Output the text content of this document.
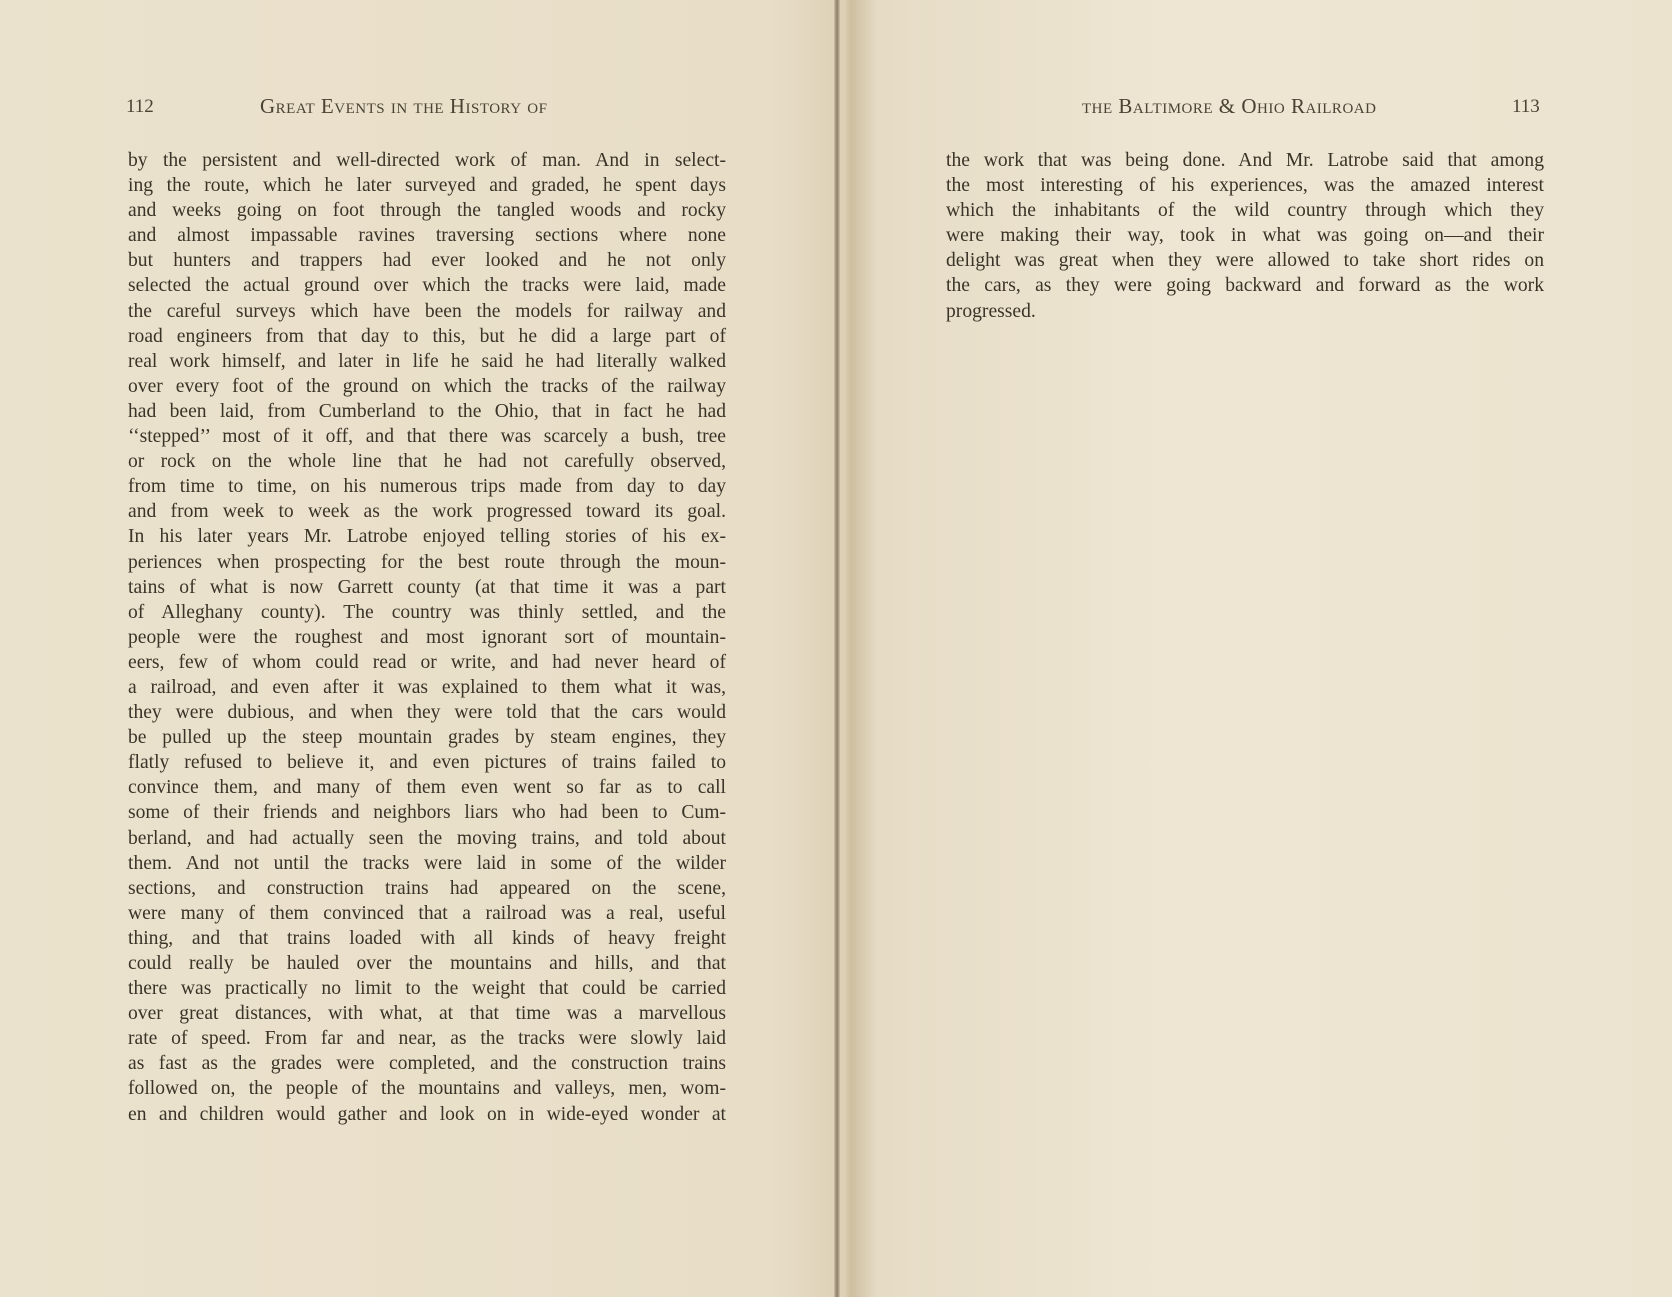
112	Great Events in the History of
by the persistent and well-directed work of man. And in select-
ing the route, which he later surveyed and graded, he spent days
and weeks going on foot through the tangled woods and rocky
and almost impassable ravines traversing sections where none
but hunters and trappers had ever looked and he not only
selected the actual ground over which the tracks were laid, made
the careful surveys which have been the models for railway and
road engineers from that day to this, but he did a large part of
real work himself, and later in life he said he had literally walked
over every foot of the ground on which the tracks of the railway
had been laid, from Cumberland to the Ohio, that in fact he had
‘‘stepped’’ most of it off, and that there was scarcely a bush, tree
or rock on the whole line that he had not carefully observed,
from time to time, on his numerous trips made from day to day
and from week to week as the work progressed toward its goal.
In his later years Mr. Latrobe enjoyed telling stories of his ex-
periences when prospecting for the best route through the moun-
tains of what is now Garrett county (at that time it was a part
of Alleghany county). The country was thinly settled, and the
people were the roughest and most ignorant sort of mountain-
eers, few of whom could read or write, and had never heard of
a railroad, and even after it was explained to them what it was,
they were dubious, and when they were told that the cars would
be pulled up the steep mountain grades by steam engines, they
flatly refused to believe it, and even pictures of trains failed to
convince them, and many of them even went so far as to call
some of their friends and neighbors liars who had been to Cum-
berland, and had actually seen the moving trains, and told about
them. And not until the tracks were laid in some of the wilder
sections, and construction trains had appeared on the scene,
were many of them convinced that a railroad was a real, useful
thing, and that trains loaded with all kinds of heavy freight
could really be hauled over the mountains and hills, and that
there was practically no limit to the weight that could be carried
over great distances, with what, at that time was a marvellous
rate of speed. From far and near, as the tracks were slowly laid
as fast as the grades were completed, and the construction trains
followed on, the people of the mountains and valleys, men, wom-
en and children would gather and look on in wide-eyed wonder at
the Baltimore & Ohio Railroad	113
the work that was being done. And Mr. Latrobe said that among
the most interesting of his experiences, was the amazed interest
which the inhabitants of the wild country through which they
were making their way, took in what was going on—and their
delight was great when they were allowed to take short rides on
the cars, as they were going backward and forward as the work
progressed.
